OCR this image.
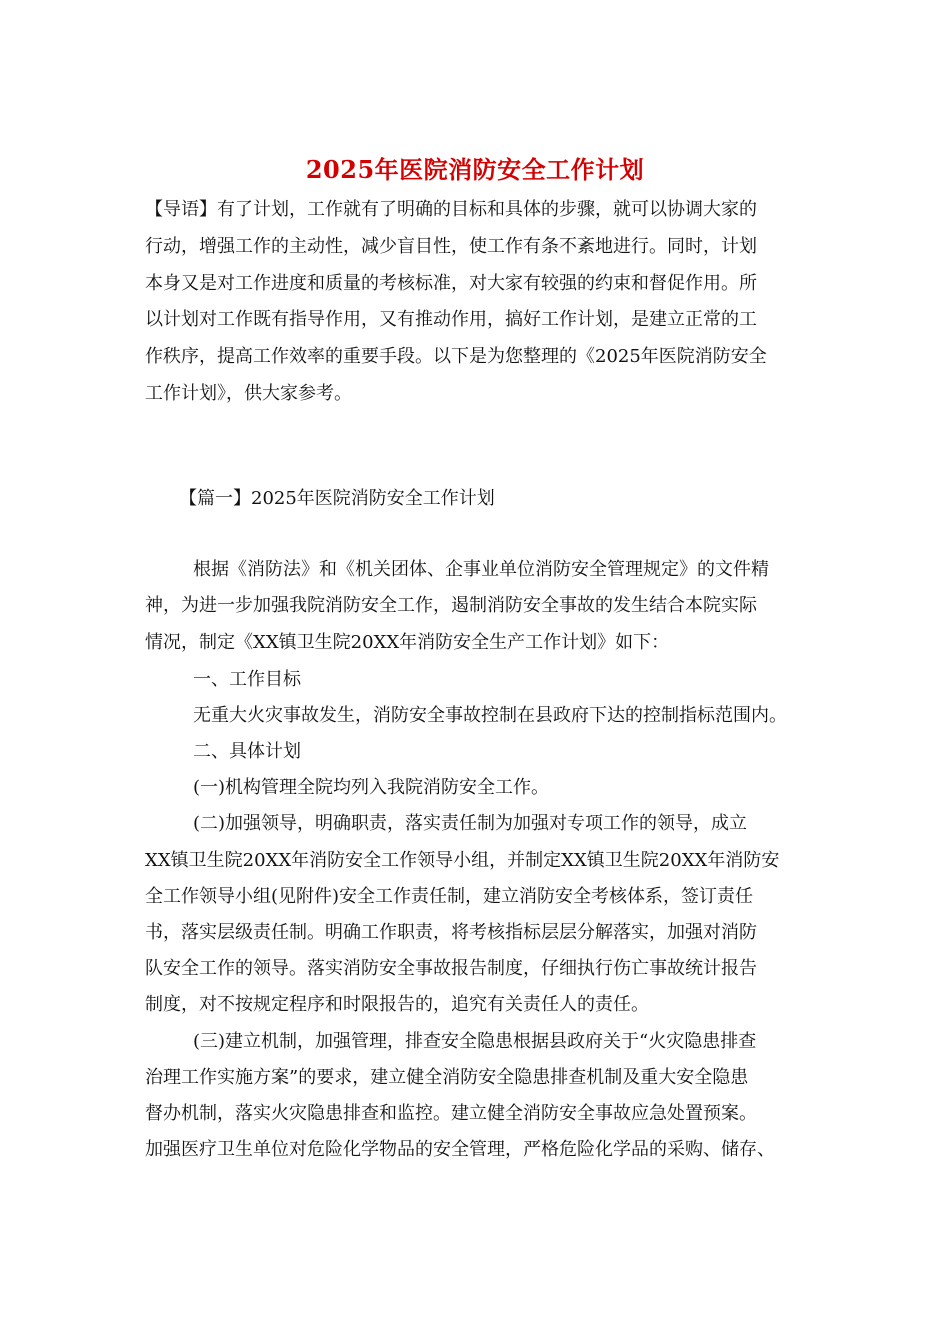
2025年医院消防安全工作计划
【导语】有了计划，工作就有了明确的目标和具体的步骤，就可以协调大家的
行动，增强工作的主动性，减少盲目性，使工作有条不紊地进行。同时，计划
本身又是对工作进度和质量的考核标准，对大家有较强的约束和督促作用。所
以计划对工作既有指导作用，又有推动作用，搞好工作计划，是建立正常的工
作秩序，提高工作效率的重要手段。以下是为您整理的《2025年医院消防安全
工作计划》，供大家参考。
【篇一】2025年医院消防安全工作计划
根据《消防法》和《机关团体、企事业单位消防安全管理规定》的文件精
神，为进一步加强我院消防安全工作，遏制消防安全事故的发生结合本院实际
情况，制定《XX镇卫生院20XX年消防安全生产工作计划》如下：
一、工作目标
无重大火灾事故发生，消防安全事故控制在县政府下达的控制指标范围内。
二、具体计划
(一)机构管理全院均列入我院消防安全工作。
(二)加强领导，明确职责，落实责任制为加强对专项工作的领导，成立
XX镇卫生院20XX年消防安全工作领导小组，并制定XX镇卫生院20XX年消防安
全工作领导小组(见附件)安全工作责任制，建立消防安全考核体系，签订责任
书，落实层级责任制。明确工作职责，将考核指标层层分解落实，加强对消防
队安全工作的领导。落实消防安全事故报告制度，仔细执行伤亡事故统计报告
制度，对不按规定程序和时限报告的，追究有关责任人的责任。
(三)建立机制，加强管理，排查安全隐患根据县政府关于“火灾隐患排查
治理工作实施方案”的要求，建立健全消防安全隐患排查机制及重大安全隐患
督办机制，落实火灾隐患排查和监控。建立健全消防安全事故应急处置预案。
加强医疗卫生单位对危险化学物品的安全管理，严格危险化学品的采购、储存、
